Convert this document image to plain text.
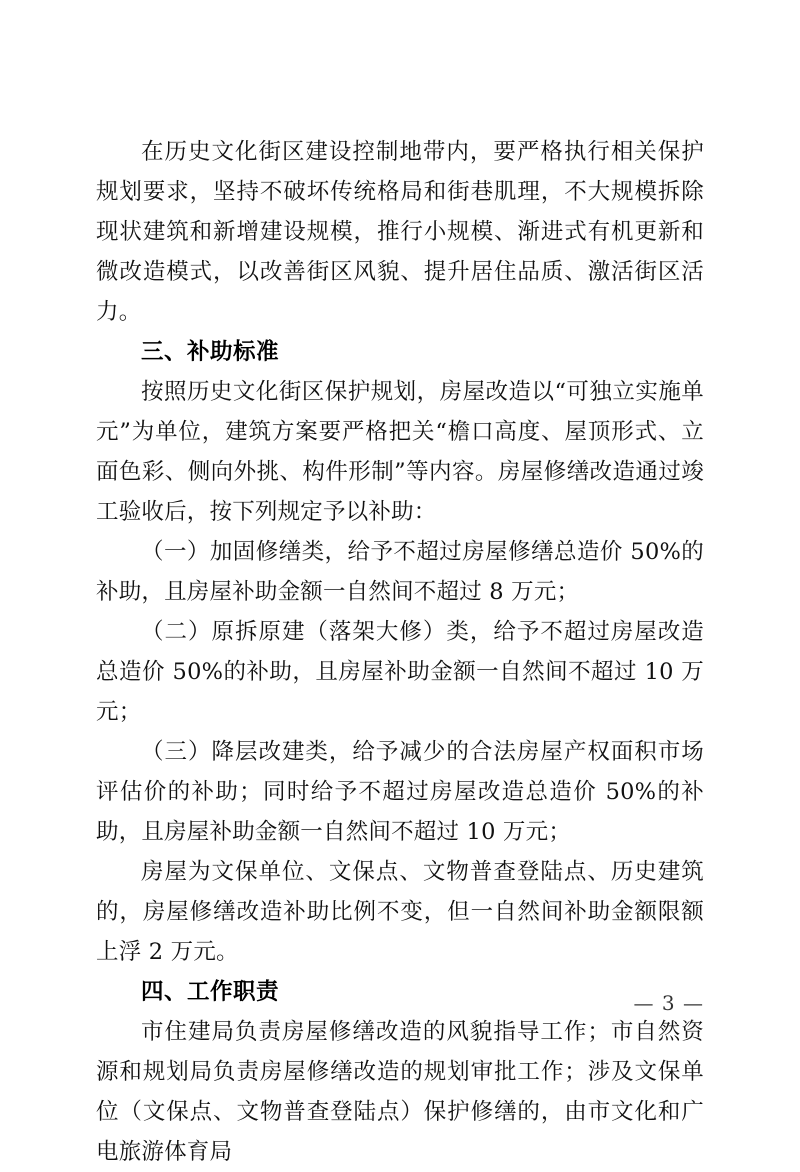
在历史文化街区建设控制地带内，要严格执行相关保护规划要求，坚持不破坏传统格局和街巷肌理，不大规模拆除现状建筑和新增建设规模，推行小规模、渐进式有机更新和微改造模式，以改善街区风貌、提升居住品质、激活街区活力。

三、补助标准

按照历史文化街区保护规划，房屋改造以“可独立实施单元”为单位，建筑方案要严格把关“檐口高度、屋顶形式、立面色彩、侧向外挑、构件形制”等内容。房屋修缮改造通过竣工验收后，按下列规定予以补助：

（一）加固修缮类，给予不超过房屋修缮总造价 50%的补助，且房屋补助金额一自然间不超过 8 万元；

（二）原拆原建（落架大修）类，给予不超过房屋改造总造价 50%的补助，且房屋补助金额一自然间不超过 10 万元；

（三）降层改建类，给予减少的合法房屋产权面积市场评估价的补助；同时给予不超过房屋改造总造价 50%的补助，且房屋补助金额一自然间不超过 10 万元；

房屋为文保单位、文保点、文物普查登陆点、历史建筑的，房屋修缮改造补助比例不变，但一自然间补助金额限额上浮 2 万元。

四、工作职责

市住建局负责房屋修缮改造的风貌指导工作；市自然资源和规划局负责房屋修缮改造的规划审批工作；涉及文保单位（文保点、文物普查登陆点）保护修缮的，由市文化和广电旅游体育局

— 3 —
